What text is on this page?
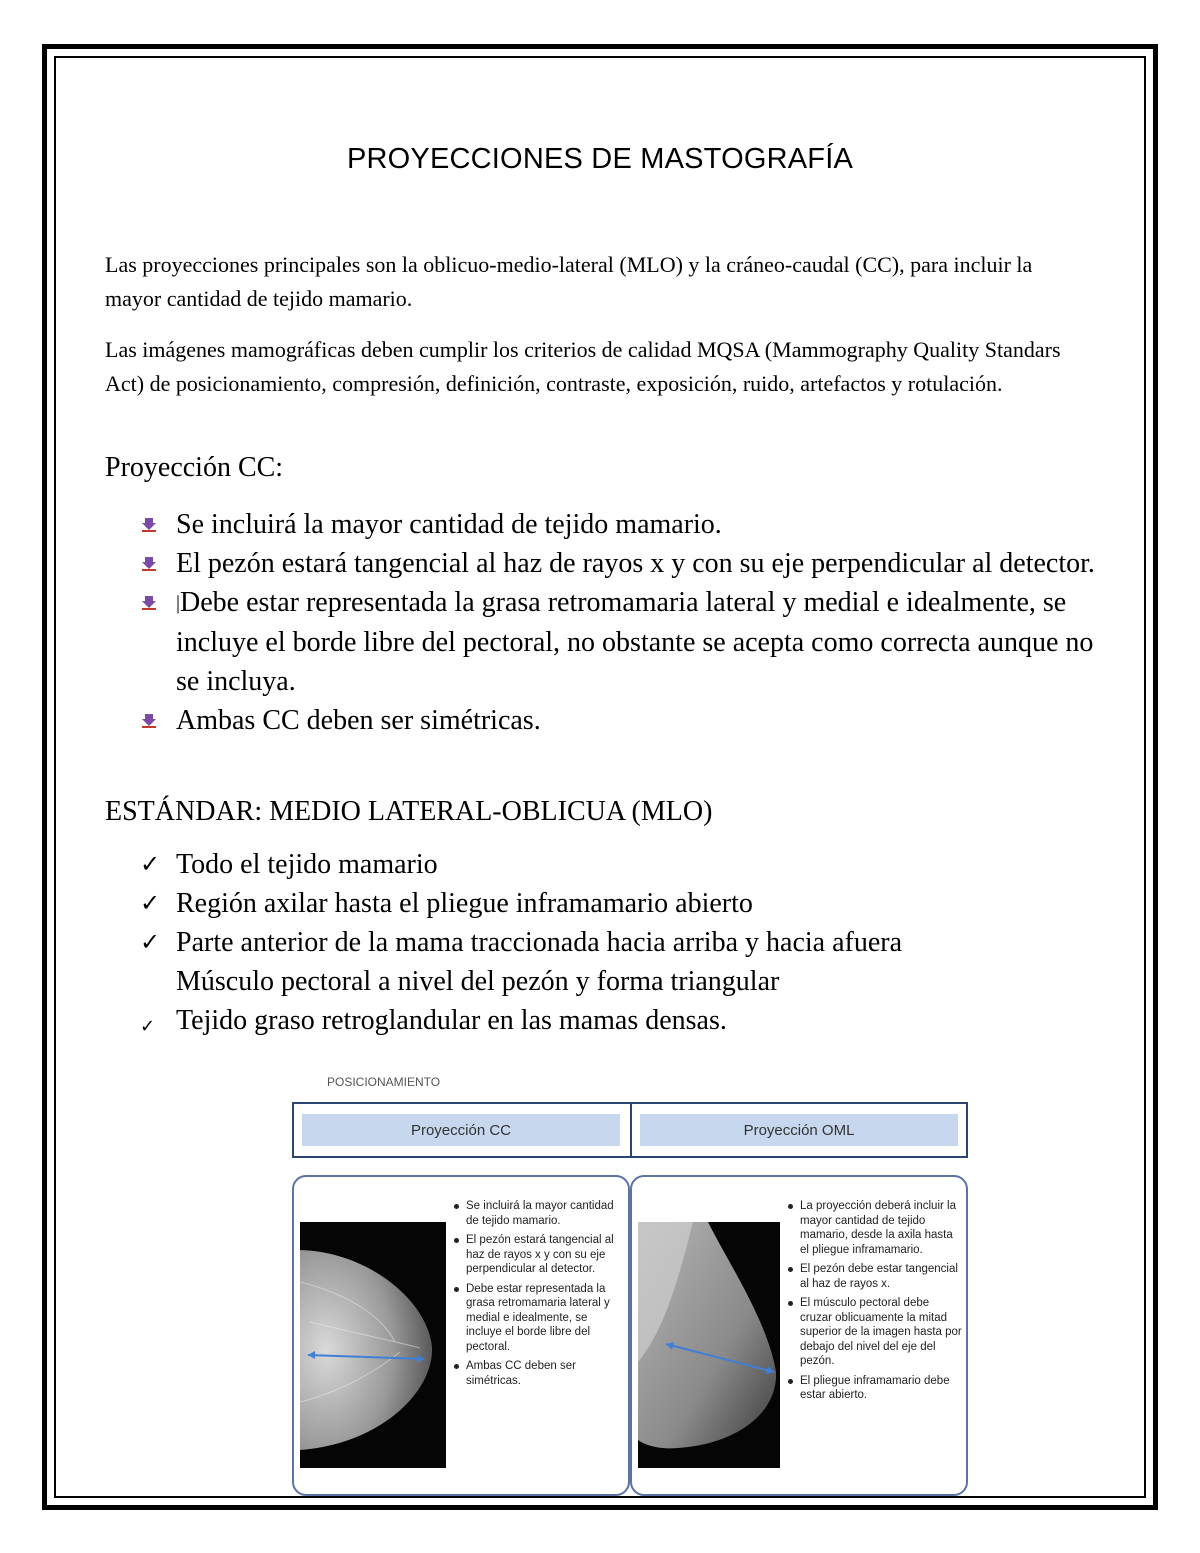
PROYECCIONES DE MASTOGRAFÍA

Las proyecciones principales son la oblicuo-medio-lateral (MLO) y la cráneo-caudal (CC), para incluir la mayor cantidad de tejido mamario.

Las imágenes mamográficas deben cumplir los criterios de calidad MQSA (Mammography Quality Standars Act) de posicionamiento, compresión, definición, contraste, exposición, ruido, artefactos y rotulación.

Proyección CC:
Se incluirá la mayor cantidad de tejido mamario.
El pezón estará tangencial al haz de rayos x y con su eje perpendicular al detector.
|Debe estar representada la grasa retromamaria lateral y medial e idealmente, se incluye el borde libre del pectoral, no obstante se acepta como correcta aunque no se incluya.
Ambas CC deben ser simétricas.
ESTÁNDAR: MEDIO LATERAL-OBLICUA (MLO)
✓ Todo el tejido mamario
✓ Región axilar hasta el pliegue inframamario abierto
✓ Parte anterior de la mama traccionada hacia arriba y hacia afuera
Músculo pectoral a nivel del pezón y forma triangular
✓ Tejido graso retroglandular en las mamas densas.
POSICIONAMIENTO
Proyección CC	Proyección OML
Se incluirá la mayor cantidad de tejido mamario.
El pezón estará tangencial al haz de rayos x y con su eje perpendicular al detector.
Debe estar representada la grasa retromamaria lateral y medial e idealmente, se incluye el borde libre del pectoral.
Ambas CC deben ser simétricas.
La proyección deberá incluir la mayor cantidad de tejido mamario, desde la axila hasta el pliegue inframamario.
El pezón debe estar tangencial al haz de rayos x.
El músculo pectoral debe cruzar oblicuamente la mitad superior de la imagen hasta por debajo del nivel del eje del pezón.
El pliegue inframamario debe estar abierto.
